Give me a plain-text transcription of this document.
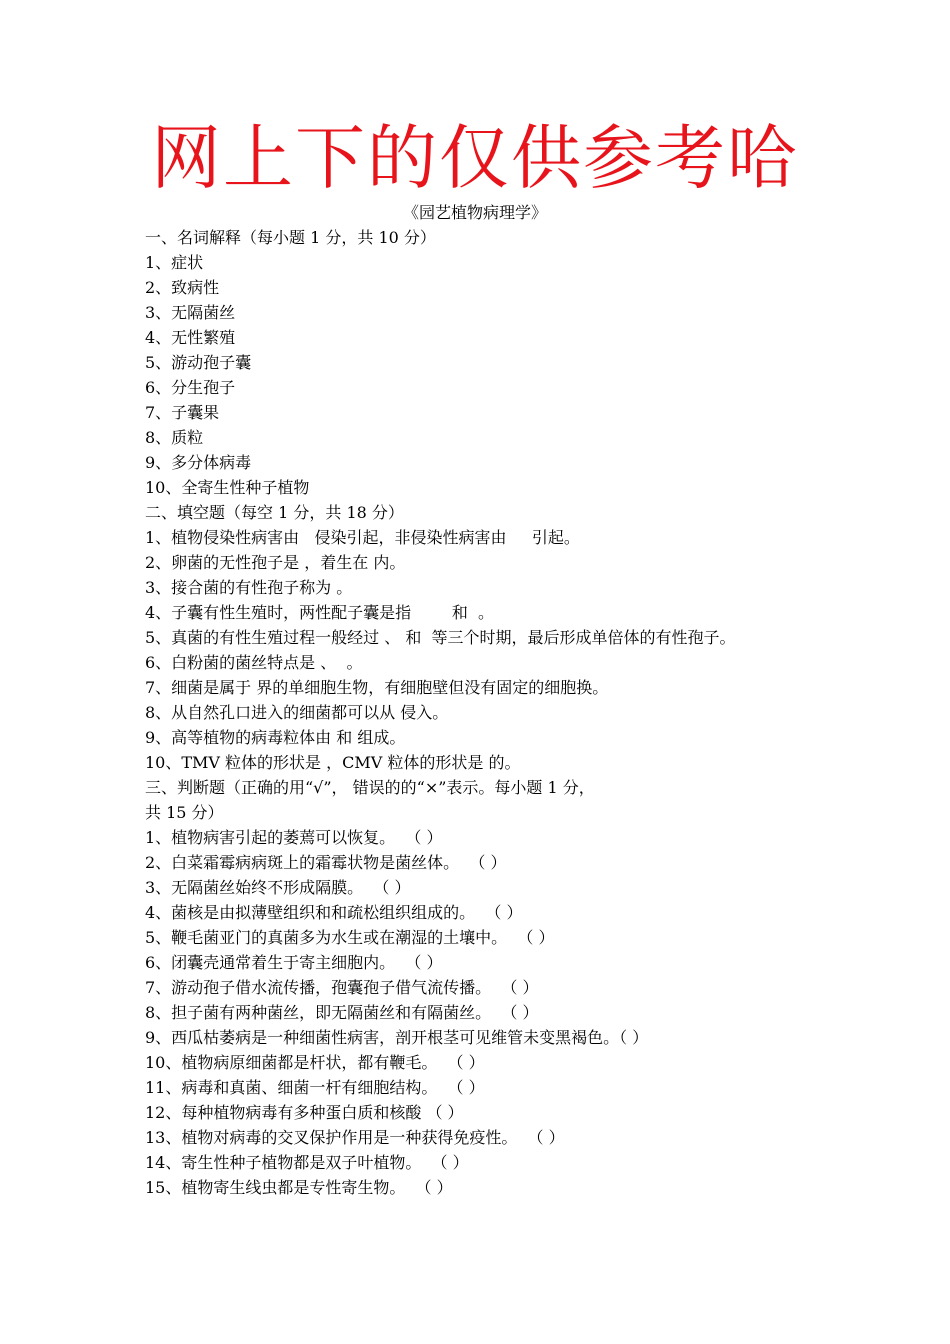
网上下的仅供参考哈
《园艺植物病理学》

一、名词解释（每小题 1 分，共 10 分）

1、症状

2、致病性

3、无隔菌丝

4、无性繁殖

5、游动孢子囊

6、分生孢子

7、子囊果

8、质粒

9、多分体病毒

10、全寄生性种子植物

二、填空题（每空 1 分，共 18 分）

1、植物侵染性病害由   侵染引起，非侵染性病害由     引起。

2、卵菌的无性孢子是 ，着生在 内。

3、接合菌的有性孢子称为 。

4、子囊有性生殖时，两性配子囊是指        和  。

5、真菌的有性生殖过程一般经过 、 和  等三个时期，最后形成单倍体的有性孢子。

6、白粉菌的菌丝特点是 、  。

7、细菌是属于 界的单细胞生物，有细胞壁但没有固定的细胞换。

8、从自然孔口进入的细菌都可以从 侵入。

9、高等植物的病毒粒体由 和 组成。

10、TMV 粒体的形状是 ，CMV 粒体的形状是 的。

三、判断题（正确的用“√”， 错误的的“×”表示。每小题 1 分，
共 15 分）

1、植物病害引起的萎蔫可以恢复。  （ ）

2、白菜霜霉病病斑上的霜霉状物是菌丝体。  （ ）

3、无隔菌丝始终不形成隔膜。  （ ）

4、菌核是由拟薄壁组织和和疏松组织组成的。  （ ）

5、鞭毛菌亚门的真菌多为水生或在潮湿的土壤中。  （ ）

6、闭囊壳通常着生于寄主细胞内。  （ ）

7、游动孢子借水流传播，孢囊孢子借气流传播。  （ ）

8、担子菌有两种菌丝，即无隔菌丝和有隔菌丝。  （ ）

9、西瓜枯萎病是一种细菌性病害，剖开根茎可见维管未变黑褐色。（ ）

10、植物病原细菌都是杆状，都有鞭毛。  （ ）

11、病毒和真菌、细菌一杆有细胞结构。  （ ）

12、每种植物病毒有多种蛋白质和核酸 （ ）

13、植物对病毒的交叉保护作用是一种获得免疫性。  （ ）

14、寄生性种子植物都是双子叶植物。  （ ）

15、植物寄生线虫都是专性寄生物。  （ ）
